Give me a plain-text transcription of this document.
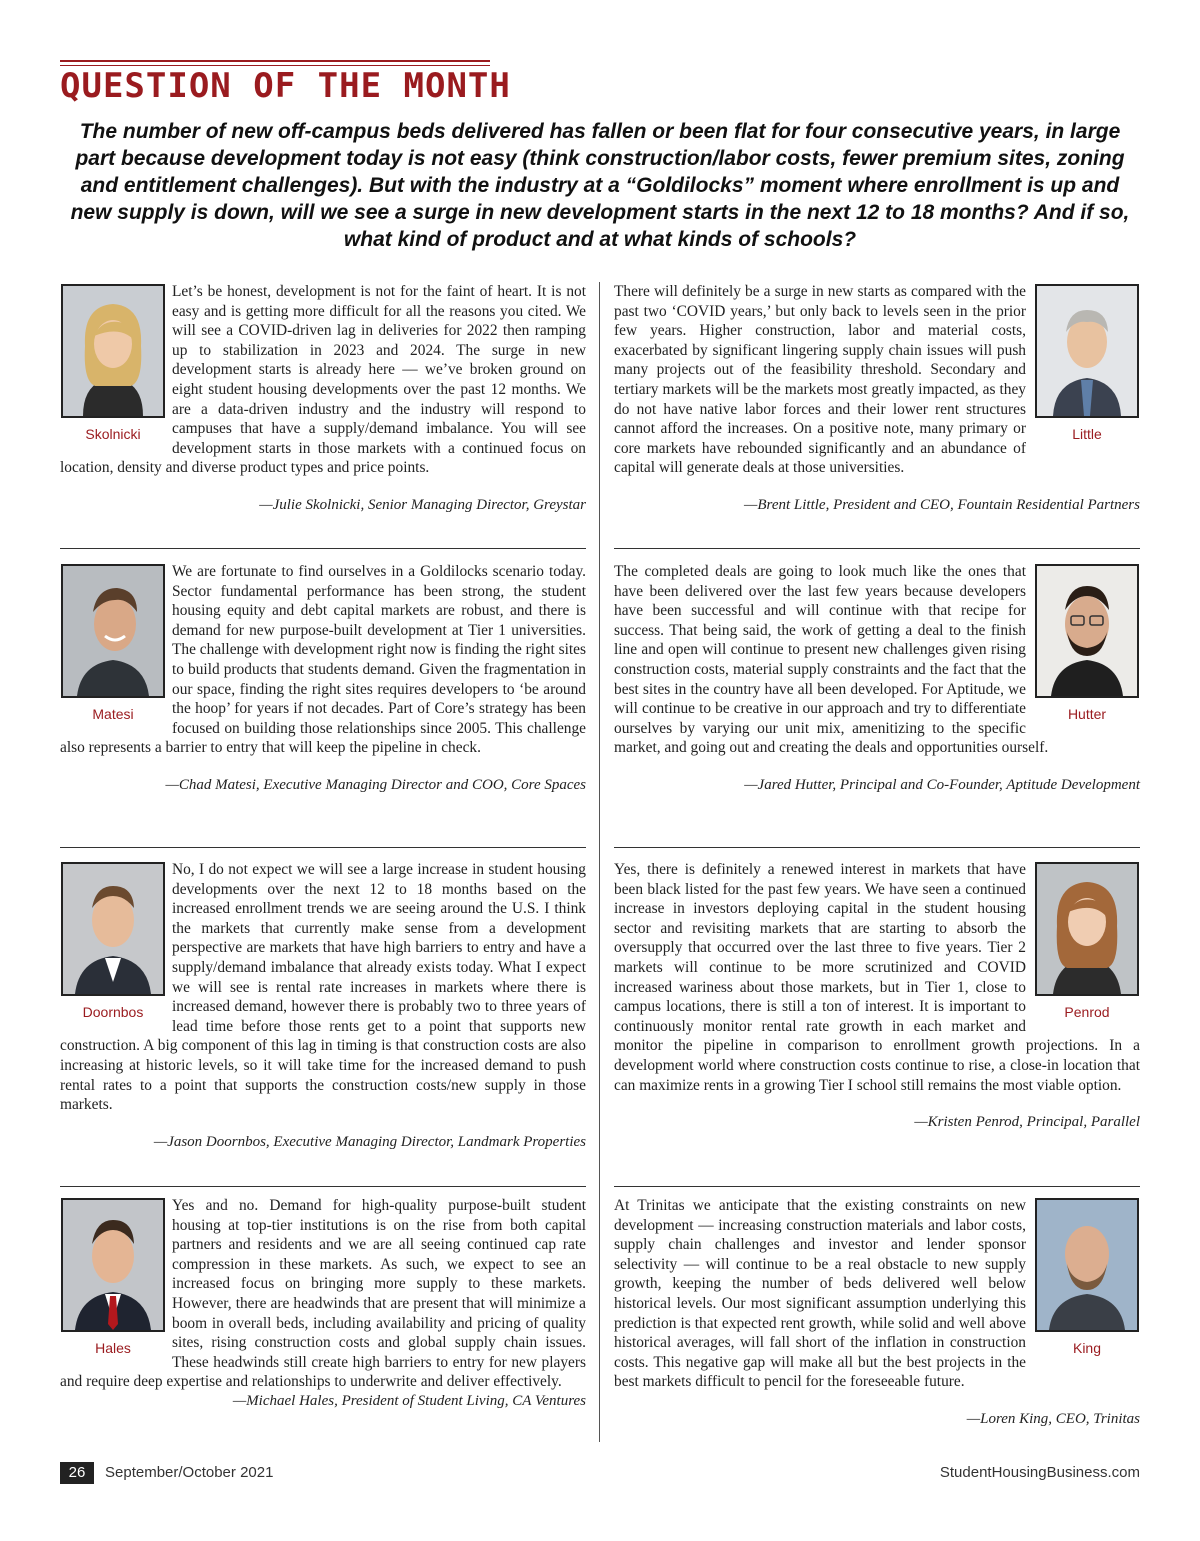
QUESTION OF THE MONTH
The number of new off-campus beds delivered has fallen or been flat for four consecutive years, in large part because development today is not easy (think construction/labor costs, fewer premium sites, zoning and entitlement challenges). But with the industry at a “Goldilocks” moment where enrollment is up and new supply is down, will we see a surge in new development starts in the next 12 to 18 months? And if so, what kind of product and at what kinds of schools?
Skolnicki

Let’s be honest, development is not for the faint of heart. It is not easy and is getting more difficult for all the reasons you cited. We will see a COVID-driven lag in deliveries for 2022 then ramping up to stabilization in 2023 and 2024. The surge in new development starts is already here — we’ve broken ground on eight student housing developments over the past 12 months. We are a data-driven industry and the industry will respond to campuses that have a supply/demand imbalance. You will see development starts in those markets with a continued focus on location, density and diverse product types and price points.

—Julie Skolnicki, Senior Managing Director, Greystar
Little

There will definitely be a surge in new starts as compared with the past two ‘COVID years,’ but only back to levels seen in the prior few years. Higher construction, labor and material costs, exacerbated by significant lingering supply chain issues will push many projects out of the feasibility threshold. Secondary and tertiary markets will be the markets most greatly impacted, as they do not have native labor forces and their lower rent structures cannot afford the increases. On a positive note, many primary or core markets have rebounded significantly and an abundance of capital will generate deals at those universities.

—Brent Little, President and CEO, Fountain Residential Partners
Matesi

We are fortunate to find ourselves in a Goldilocks scenario today. Sector fundamental performance has been strong, the student housing equity and debt capital markets are robust, and there is demand for new purpose-built development at Tier 1 universities. The challenge with development right now is finding the right sites to build products that students demand. Given the fragmentation in our space, finding the right sites requires developers to ‘be around the hoop’ for years if not decades. Part of Core’s strategy has been focused on building those relationships since 2005. This challenge also represents a barrier to entry that will keep the pipeline in check.

—Chad Matesi, Executive Managing Director and COO, Core Spaces
Hutter

The completed deals are going to look much like the ones that have been delivered over the last few years because developers have been successful and will continue with that recipe for success. That being said, the work of getting a deal to the finish line and open will continue to present new challenges given rising construction costs, material supply constraints and the fact that the best sites in the country have all been developed. For Aptitude, we will continue to be creative in our approach and try to differentiate ourselves by varying our unit mix, amenitizing to the specific market, and going out and creating the deals and opportunities ourself.

—Jared Hutter, Principal and Co-Founder, Aptitude Development
Doornbos

No, I do not expect we will see a large increase in student housing developments over the next 12 to 18 months based on the increased enrollment trends we are seeing around the U.S. I think the markets that currently make sense from a development perspective are markets that have high barriers to entry and have a supply/demand imbalance that already exists today. What I expect we will see is rental rate increases in markets where there is increased demand, however there is probably two to three years of lead time before those rents get to a point that supports new construction. A big component of this lag in timing is that construction costs are also increasing at historic levels, so it will take time for the increased demand to push rental rates to a point that supports the construction costs/new supply in those markets.

—Jason Doornbos, Executive Managing Director, Landmark Properties
Penrod

Yes, there is definitely a renewed interest in markets that have been black listed for the past few years. We have seen a continued increase in investors deploying capital in the student housing sector and revisiting markets that are starting to absorb the oversupply that occurred over the last three to five years. Tier 2 markets will continue to be more scrutinized and COVID increased wariness about those markets, but in Tier 1, close to campus locations, there is still a ton of interest. It is important to continuously monitor rental rate growth in each market and monitor the pipeline in comparison to enrollment growth projections. In a development world where construction costs continue to rise, a close-in location that can maximize rents in a growing Tier I school still remains the most viable option.

—Kristen Penrod, Principal, Parallel
Hales

Yes and no. Demand for high-quality purpose-built student housing at top-tier institutions is on the rise from both capital partners and residents and we are all seeing continued cap rate compression in these markets. As such, we expect to see an increased focus on bringing more supply to these markets. However, there are headwinds that are present that will minimize a boom in overall beds, including availability and pricing of quality sites, rising construction costs and global supply chain issues. These headwinds still create high barriers to entry for new players and require deep expertise and relationships to underwrite and deliver effectively.

—Michael Hales, President of Student Living, CA Ventures
King

At Trinitas we anticipate that the existing constraints on new development — increasing construction materials and labor costs, supply chain challenges and investor and lender sponsor selectivity — will continue to be a real obstacle to new supply growth, keeping the number of beds delivered well below historical levels. Our most significant assumption underlying this prediction is that expected rent growth, while solid and well above historical averages, will fall short of the inflation in construction costs. This negative gap will make all but the best projects in the best markets difficult to pencil for the foreseeable future.

—Loren King, CEO, Trinitas
26	September/October 2021	StudentHousingBusiness.com
